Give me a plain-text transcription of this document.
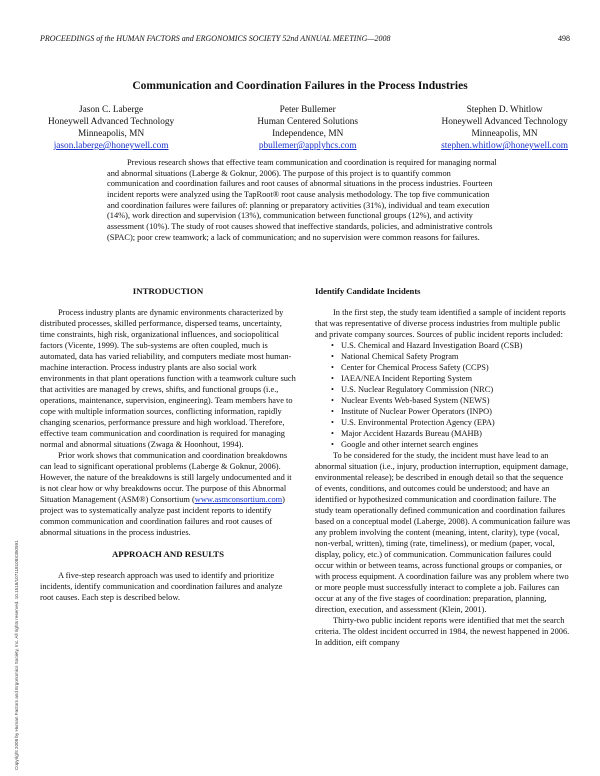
PROCEEDINGS of the HUMAN FACTORS and ERGONOMICS SOCIETY 52nd ANNUAL MEETING—2008	498
Copyright 2008 by Human Factors and Ergonomics Society, Inc. All rights reserved. 10.1518/107118108X350591
Communication and Coordination Failures in the Process Industries
Jason C. Laberge
Honeywell Advanced Technology
Minneapolis, MN
jason.laberge@honeywell.com
Peter Bullemer
Human Centered Solutions
Independence, MN
pbullemer@applyhcs.com
Stephen D. Whitlow
Honeywell Advanced Technology
Minneapolis, MN
stephen.whitlow@honeywell.com

Previous research shows that effective team communication and coordination is required for managing normal and abnormal situations (Laberge & Goknur, 2006). The purpose of this project is to quantify common communication and coordination failures and root causes of abnormal situations in the process industries. Fourteen incident reports were analyzed using the TapRoot® root cause analysis methodology. The top five communication and coordination failures were failures of: planning or preparatory activities (31%), individual and team execution (14%), work direction and supervision (13%), communication between functional groups (12%), and activity assessment (10%). The study of root causes showed that ineffective standards, policies, and administrative controls (SPAC); poor crew teamwork; a lack of communication; and no supervision were common reasons for failures.

INTRODUCTION

Process industry plants are dynamic environments characterized by distributed processes, skilled performance, dispersed teams, uncertainty, time constraints, high risk, organizational influences, and sociopolitical factors (Vicente, 1999). The sub-systems are often coupled, much is automated, data has varied reliability, and computers mediate most human-machine interaction. Process industry plants are also social work environments in that plant operations function with a teamwork culture such that activities are managed by crews, shifts, and functional groups (i.e., operations, maintenance, supervision, engineering). Team members have to cope with multiple information sources, conflicting information, rapidly changing scenarios, performance pressure and high workload. Therefore, effective team communication and coordination is required for managing normal and abnormal situations (Zwaga & Hoonhout, 1994).

Prior work shows that communication and coordination breakdowns can lead to significant operational problems (Laberge & Goknur, 2006). However, the nature of the breakdowns is still largely undocumented and it is not clear how or why breakdowns occur. The purpose of this Abnormal Situation Management (ASM®) Consortium (www.asmconsortium.com) project was to systematically analyze past incident reports to identify common communication and coordination failures and root causes of abnormal situations in the process industries.

APPROACH AND RESULTS

A five-step research approach was used to identify and prioritize incidents, identify communication and coordination failures and analyze root causes. Each step is described below.

Identify Candidate Incidents

In the first step, the study team identified a sample of incident reports that was representative of diverse process industries from multiple public and private company sources. Sources of public incident reports included:

• U.S. Chemical and Hazard Investigation Board (CSB)
• National Chemical Safety Program
• Center for Chemical Process Safety (CCPS)
• IAEA/NEA Incident Reporting System
• U.S. Nuclear Regulatory Commission (NRC)
• Nuclear Events Web-based System (NEWS)
• Institute of Nuclear Power Operators (INPO)
• U.S. Environmental Protection Agency (EPA)
• Major Accident Hazards Bureau (MAHB)
• Google and other internet search engines

To be considered for the study, the incident must have lead to an abnormal situation (i.e., injury, production interruption, equipment damage, environmental release); be described in enough detail so that the sequence of events, conditions, and outcomes could be understood; and have an identified or hypothesized communication and coordination failure. The study team operationally defined communication and coordination failures based on a conceptual model (Laberge, 2008). A communication failure was any problem involving the content (meaning, intent, clarity), type (vocal, non-verbal, written), timing (rate, timeliness), or medium (paper, vocal, display, policy, etc.) of communication. Communication failures could occur within or between teams, across functional groups or companies, or with process equipment. A coordination failure was any problem where two or more people must successfully interact to complete a job. Failures can occur at any of the five stages of coordination: preparation, planning, direction, execution, and assessment (Klein, 2001).

Thirty-two public incident reports were identified that met the search criteria. The oldest incident occurred in 1984, the newest happened in 2006. In addition, eift company
